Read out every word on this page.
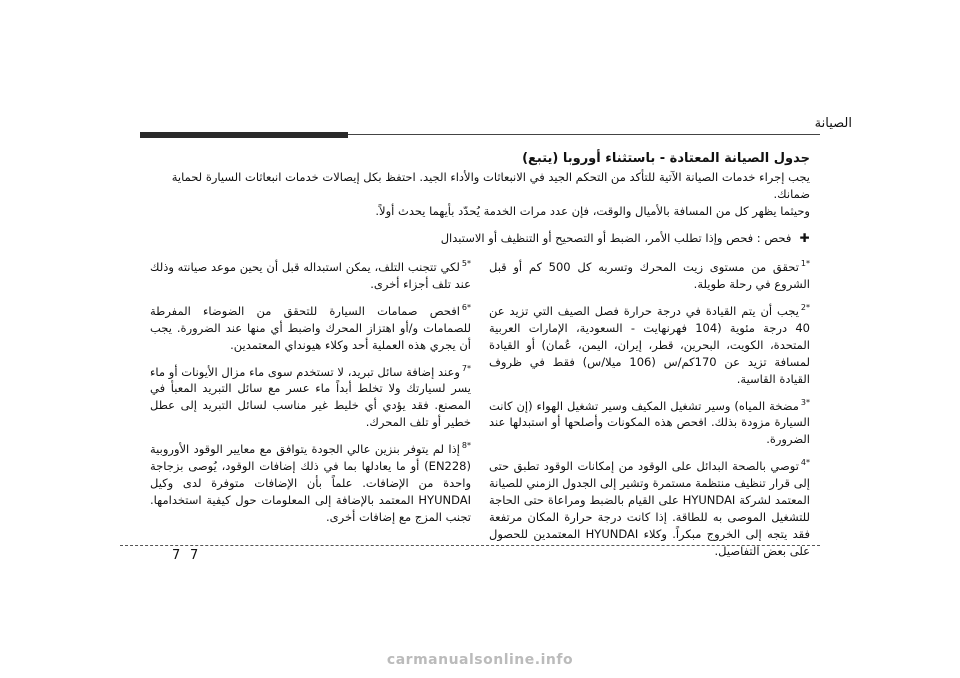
الصيانة
جدول الصيانة المعتادة - باستثناء أوروبا (يتبع)

يجب إجراء خدمات الصيانة الآتية للتأكد من التحكم الجيد في الانبعاثات والأداء الجيد. احتفظ بكل إيصالات خدمات انبعاثات السيارة لحماية ضمانك.

وحيثما يظهر كل من المسافة بالأميال والوقت، فإن عدد مرات الخدمة يُحدّد بأيهما يحدث أولاً.

✚ فحص : فحص وإذا تطلب الأمر، الضبط أو التصحيح أو التنظيف أو الاستبدال

$^{*1}$تحقق من مستوى زيت المحرك وتسربه كل 500 كم أو قبل الشروع في رحلة طويلة.

$^{*2}$يجب أن يتم القيادة في درجة حرارة فصل الصيف التي تزيد عن 40 درجة مئوية (104 فهرنهايت - السعودية، الإمارات العربية المتحدة، الكويت، البحرين، قطر، إيران، اليمن، عُمان) أو القيادة لمسافة تزيد عن 170كم/س (106 ميلا/س) فقط في ظروف القيادة القاسية.

$^{*3}$مضخة المياه) وسير تشغيل المكيف وسير تشغيل الهواء (إن كانت السيارة مزودة بذلك. افحص هذه المكونات وأصلحها أو استبدلها عند الضرورة.

$^{*4}$توصي بالصحة البدائل على الوقود من إمكانات الوقود تطبق حتى إلى قرار تنظيف منتظمة مستمرة وتشير إلى الجدول الزمني للصيانة المعتمد لشركة HYUNDAI على القيام بالضبط ومراعاة حتى الحاجة للتشغيل الموصى به للطاقة. إذا كانت درجة حرارة المكان مرتفعة فقد يتجه إلى الخروج مبكراً. وكلاء HYUNDAI المعتمدين للحصول على بعض التفاصيل.

$^{*5}$لكي تتجنب التلف، يمكن استبداله قبل أن يحين موعد صيانته وذلك عند تلف أجزاء أخرى.

$^{*6}$افحص صمامات السيارة للتحقق من الضوضاء المفرطة للصمامات و/أو اهتزاز المحرك واضبط أي منها عند الضرورة. يجب أن يجري هذه العملية أحد وكلاء هيونداي المعتمدين.

$^{*7}$وعند إضافة سائل تبريد، لا تستخدم سوى ماء مزال الأيونات أو ماء يسر لسيارتك ولا تخلط أبداً ماء عسر مع سائل التبريد المعبأ في المصنع. فقد يؤدي أي خليط غير مناسب لسائل التبريد إلى عطل خطير أو تلف المحرك.

$^{*8}$إذا لم يتوفر بنزين عالي الجودة يتوافق مع معايير الوقود الأوروبية (EN228) أو ما يعادلها بما في ذلك إضافات الوقود، يُوصى بزجاجة واحدة من الإضافات. علماً بأن الإضافات متوفرة لدى وكيل HYUNDAI المعتمد بالإضافة إلى المعلومات حول كيفية استخدامها. تجنب المزج مع إضافات أخرى.

7 7
carmanualsonline.info
